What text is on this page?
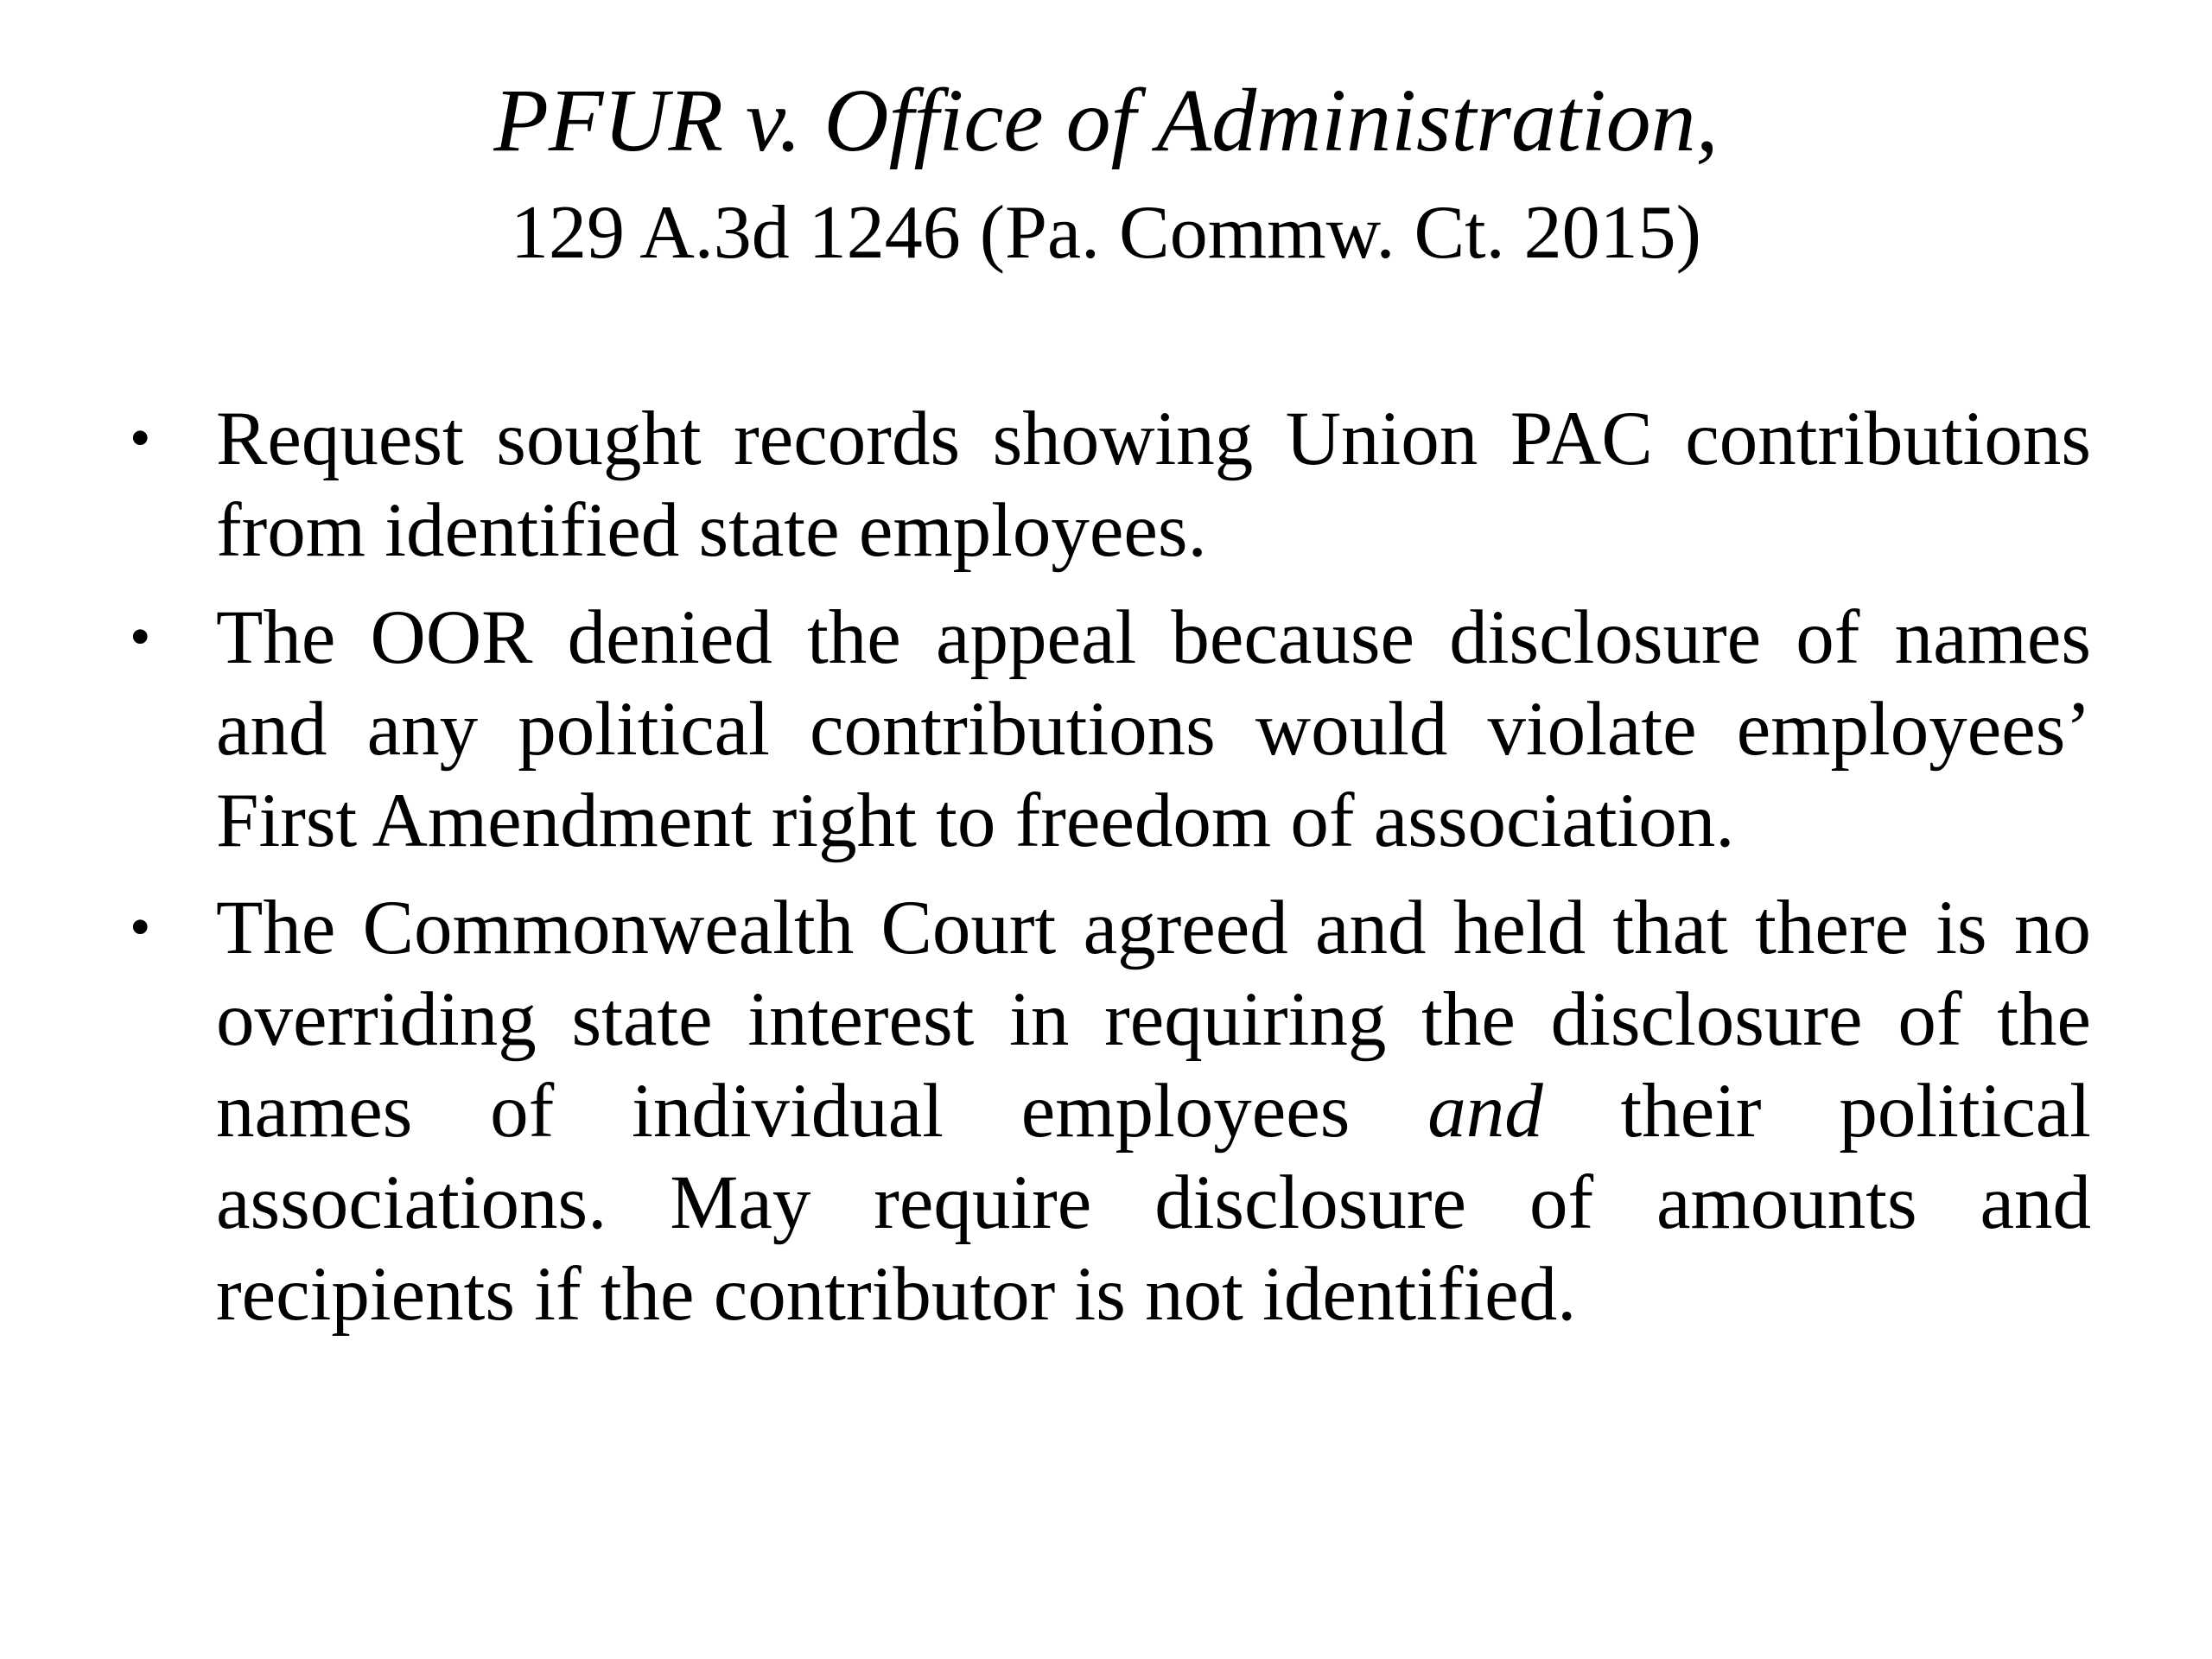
PFUR v. Office of Administration,

129 A.3d 1246 (Pa. Commw. Ct. 2015)

• Request sought records showing Union PAC contributions from identified state employees.
• The OOR denied the appeal because disclosure of names and any political contributions would violate employees’ First Amendment right to freedom of association.
• The Commonwealth Court agreed and held that there is no overriding state interest in requiring the disclosure of the names of individual employees and their political associations. May require disclosure of amounts and recipients if the contributor is not identified.
